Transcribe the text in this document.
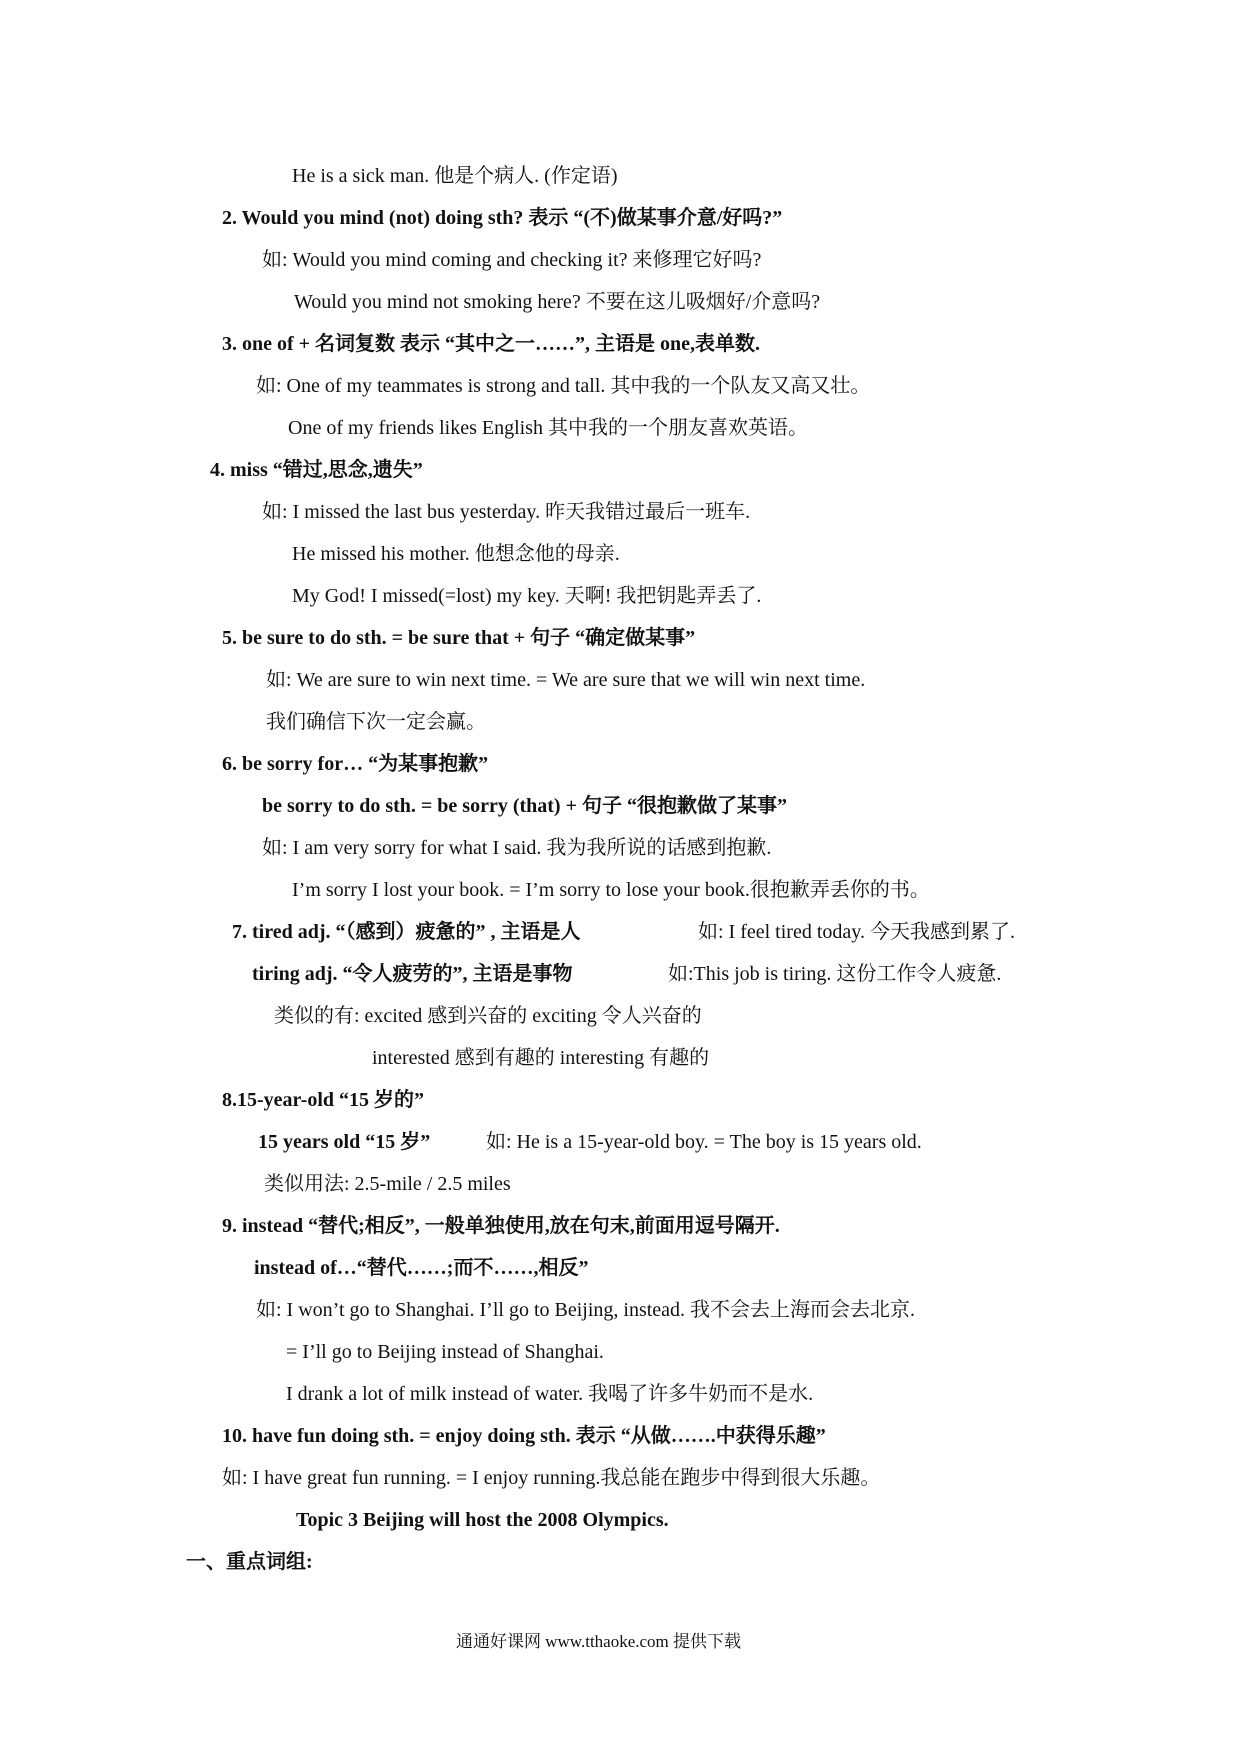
He is a sick man. 他是个病人. (作定语)
2. Would you mind (not) doing sth? 表示 “(不)做某事介意/好吗?”
如: Would you mind coming and checking it? 来修理它好吗?
Would you mind not smoking here? 不要在这儿吸烟好/介意吗?
3. one of + 名词复数 表示 “其中之一……”, 主语是 one,表单数.
如: One of my teammates is strong and tall. 其中我的一个队友又高又壮。
One of my friends likes English 其中我的一个朋友喜欢英语。
4. miss “错过,思念,遗失”
如: I missed the last bus yesterday. 昨天我错过最后一班车.
He missed his mother. 他想念他的母亲.
My God! I missed(=lost) my key. 天啊! 我把钥匙弄丢了.
5. be sure to do sth. = be sure that + 句子 “确定做某事”
如: We are sure to win next time. = We are sure that we will win next time.
我们确信下次一定会赢。
6. be sorry for… “为某事抱歉”
be sorry to do sth. = be sorry (that) + 句子 “很抱歉做了某事”
如: I am very sorry for what I said. 我为我所说的话感到抱歉.
I’m sorry I lost your book. = I’m sorry to lose your book.很抱歉弄丢你的书。
7. tired adj. “（感到）疲惫的” , 主语是人	如: I feel tired today. 今天我感到累了.
tiring adj. “令人疲劳的”, 主语是事物	如:This job is tiring. 这份工作令人疲惫.
类似的有: excited 感到兴奋的 exciting 令人兴奋的
interested 感到有趣的 interesting 有趣的
8.15-year-old “15 岁的”
15 years old “15 岁”	如: He is a 15-year-old boy. = The boy is 15 years old.
类似用法: 2.5-mile / 2.5 miles
9. instead “替代;相反”, 一般单独使用,放在句末,前面用逗号隔开.
instead of…“替代……;而不……,相反”
如: I won’t go to Shanghai. I’ll go to Beijing, instead. 我不会去上海而会去北京.
= I’ll go to Beijing instead of Shanghai.
I drank a lot of milk instead of water. 我喝了许多牛奶而不是水.
10. have fun doing sth. = enjoy doing sth. 表示 “从做…….中获得乐趣”
如: I have great fun running. = I enjoy running.我总能在跑步中得到很大乐趣。
Topic 3 Beijing will host the 2008 Olympics.
一、重点词组:
通通好课网 www.tthaoke.com 提供下载
